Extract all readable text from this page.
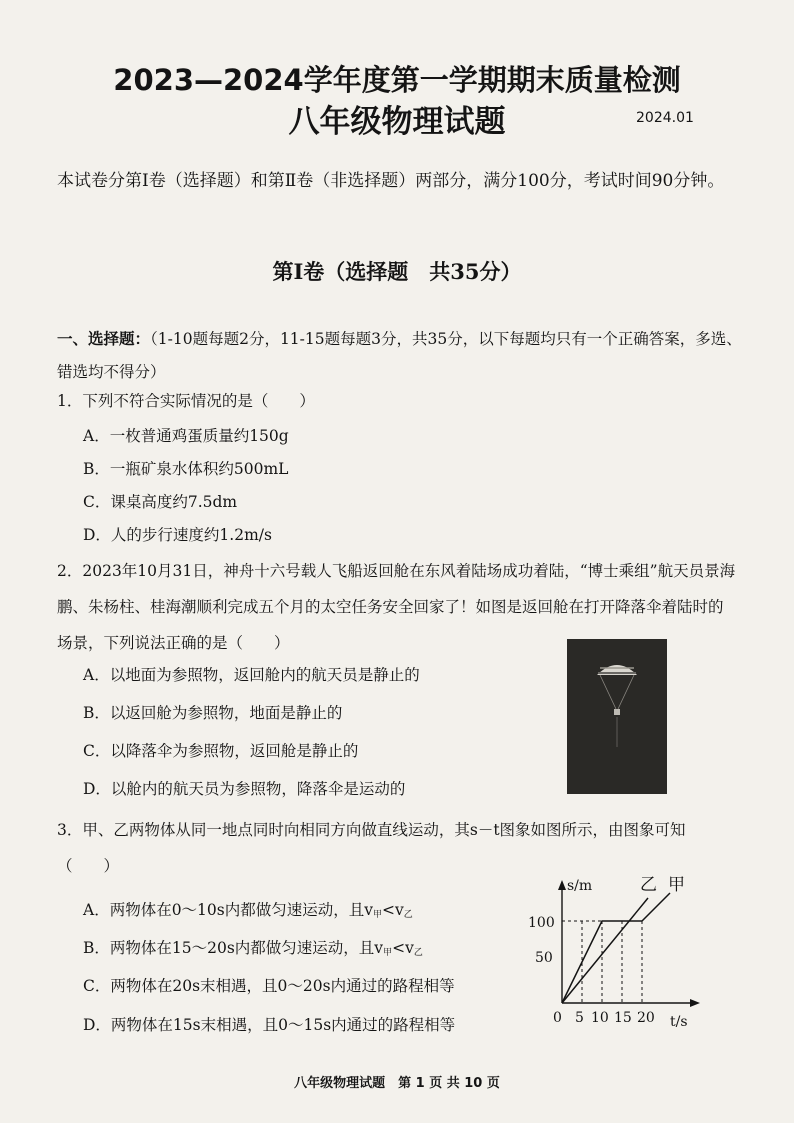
2023—2024学年度第一学期期末质量检测
八年级物理试题	2024.01
本试卷分第Ⅰ卷（选择题）和第Ⅱ卷（非选择题）两部分，满分100分，考试时间90分钟。
第Ⅰ卷（选择题　共35分）
一、选择题：（1-10题每题2分，11-15题每题3分，共35分，以下每题均只有一个正确答案，多选、错选均不得分）
1．下列不符合实际情况的是（　　）
A．一枚普通鸡蛋质量约150g
B．一瓶矿泉水体积约500mL
C．课桌高度约7.5dm
D．人的步行速度约1.2m/s
2．2023年10月31日，神舟十六号载人飞船返回舱在东风着陆场成功着陆，“博士乘组”航天员景海鹏、朱杨柱、桂海潮顺利完成五个月的太空任务安全回家了！如图是返回舱在打开降落伞着陆时的场景，下列说法正确的是（　　）
A．以地面为参照物，返回舱内的航天员是静止的
B．以返回舱为参照物，地面是静止的
C．以降落伞为参照物，返回舱是静止的
D．以舱内的航天员为参照物，降落伞是运动的
3．甲、乙两物体从同一地点同时向相同方向做直线运动，其s－t图象如图所示，由图象可知（　　）
A．两物体在0～10s内都做匀速运动，且$v_甲<v_乙$
B．两物体在15～20s内都做匀速运动，且$v_甲<v_乙$
C．两物体在20s末相遇，且0～20s内通过的路程相等
D．两物体在15s末相遇，且0～15s内通过的路程相等
s/m
t/s
100
50
0 5 10 15 20
乙 甲
八年级物理试题　第 1 页 共 10 页
